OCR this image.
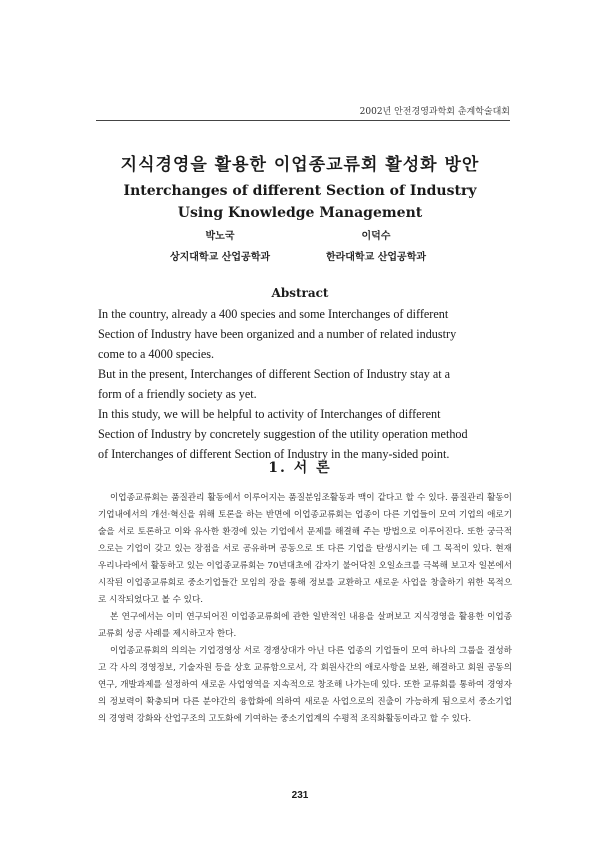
2002년 안전경영과학회 춘계학술대회
지식경영을 활용한 이업종교류회 활성화 방안
Interchanges of different Section of Industry
Using Knowledge Management
박노국
상지대학교 산업공학과
이덕수
한라대학교 산업공학과
Abstract

In the country, already a 400 species and some Interchanges of different

Section of Industry have been organized and a number of related industry

come to a 4000 species.

But in the present, Interchanges of different Section of Industry stay at a

form of a friendly society as yet.

In this study, we will be helpful to activity of Interchanges of different

Section of Industry by concretely suggestion of the utility operation method

of Interchanges of different Section of Industry in the many-sided point.

1. 서 론

이업종교류회는 품질관리 활동에서 이루어지는 품질분임조활동과 맥이 같다고 할 수 있다. 품질관리 활동이 기업내에서의 개선·혁신을 위해 토론을 하는 반면에 이업종교류회는 업종이 다른 기업들이 모여 기업의 애로기술을 서로 토론하고 이와 유사한 환경에 있는 기업에서 문제를 해결해 주는 방법으로 이루어진다. 또한 궁극적으로는 기업이 갖고 있는 장점을 서로 공유하며 공동으로 또 다른 기업을 탄생시키는 데 그 목적이 있다. 현재 우리나라에서 활동하고 있는 이업종교류회는 70년대초에 감자기 불어닥친 오일쇼크를 극복해 보고자 일본에서 시작된 이업종교류회로 중소기업들간 모임의 장을 통해 정보를 교환하고 새로운 사업을 창출하기 위한 목적으로 시작되었다고 볼 수 있다.

본 연구에서는 이미 연구되어진 이업종교류회에 관한 일반적인 내용을 살펴보고 지식경영을 활용한 이업종교류회 성공 사례를 제시하고자 한다.

이업종교류회의 의의는 기업경영상 서로 경쟁상대가 아닌 다른 업종의 기업들이 모여 하나의 그룹을 결성하고 각 사의 경영정보, 기술자원 등을 상호 교류함으로서, 각 회원사간의 애로사항을 보완, 해결하고 회원 공동의 연구, 개발과제를 설정하여 새로운 사업영역을 지속적으로 창조해 나가는데 있다. 또한 교류회를 통하여 경영자의 정보력이 확충되며 다른 분야간의 융합화에 의하여 새로운 사업으로의 진출이 가능하게 됨으로서 중소기업의 경영력 강화와 산업구조의 고도화에 기여하는 중소기업계의 수평적 조직화활동이라고 할 수 있다.

231
